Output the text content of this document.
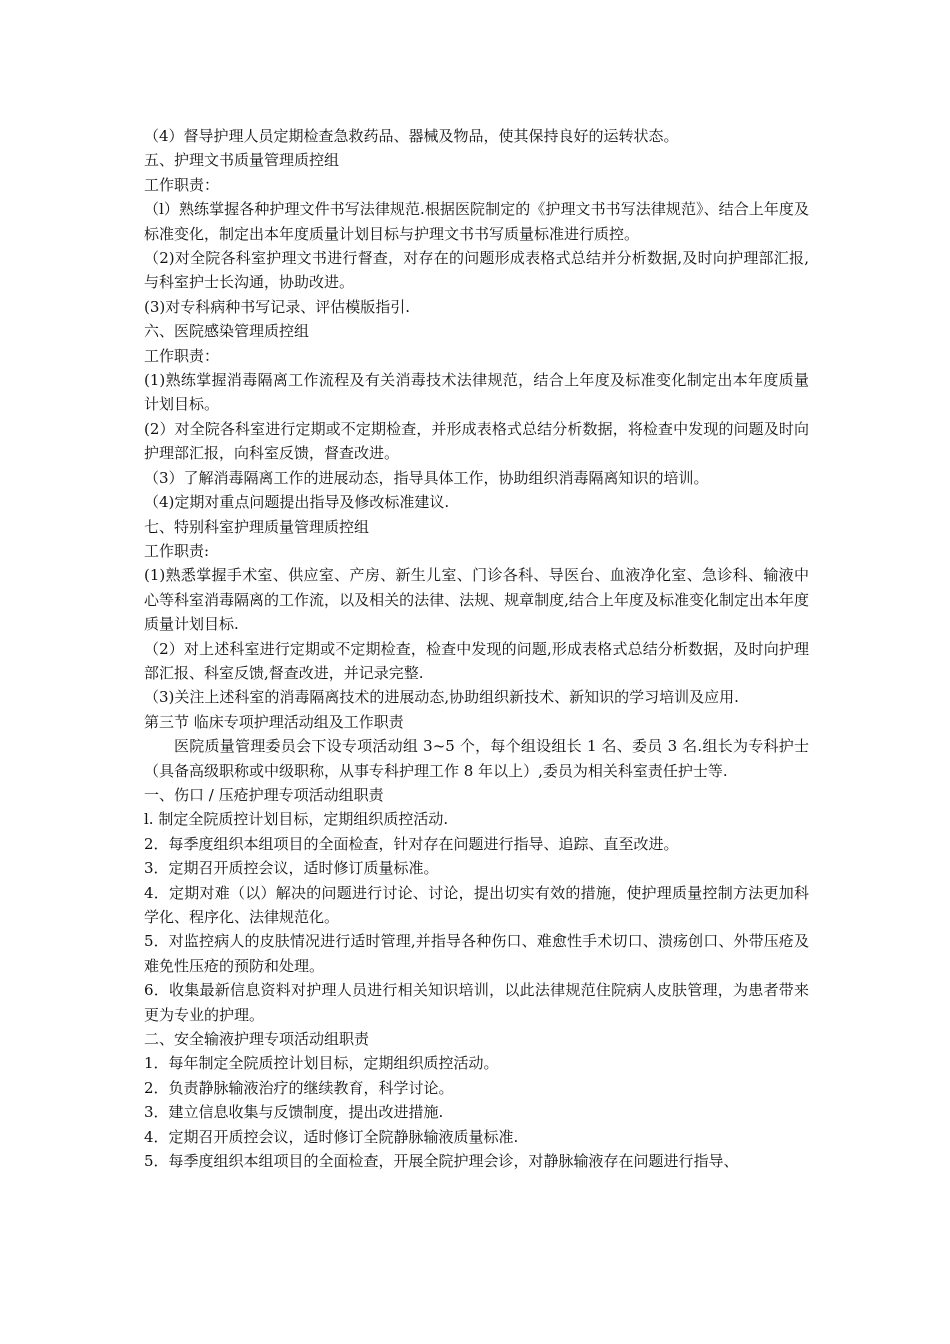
（4）督导护理人员定期检查急救药品、器械及物品，使其保持良好的运转状态。

五、护理文书质量管理质控组

工作职责：

（l）熟练掌握各种护理文件书写法律规范.根据医院制定的《护理文书书写法律规范》、结合上年度及标准变化，制定出本年度质量计划目标与护理文书书写质量标准进行质控。

（2)对全院各科室护理文书进行督查，对存在的问题形成表格式总结并分析数据,及时向护理部汇报,与科室护士长沟通，协助改进。

(3)对专科病种书写记录、评估模版指引.

六、医院感染管理质控组

工作职责：

(1)熟练掌握消毒隔离工作流程及有关消毒技术法律规范，结合上年度及标准变化制定出本年度质量计划目标。

(2）对全院各科室进行定期或不定期检查，并形成表格式总结分析数据，将检查中发现的问题及时向护理部汇报，向科室反馈，督查改进。

（3）了解消毒隔离工作的进展动态，指导具体工作，协助组织消毒隔离知识的培训。

（4)定期对重点问题提出指导及修改标准建议.

七、特别科室护理质量管理质控组

工作职责:

(1)熟悉掌握手术室、供应室、产房、新生儿室、门诊各科、导医台、血液净化室、急诊科、输液中心等科室消毒隔离的工作流，以及相关的法律、法规、规章制度,结合上年度及标准变化制定出本年度质量计划目标.

（2）对上述科室进行定期或不定期检查，检查中发现的问题,形成表格式总结分析数据，及时向护理部汇报、科室反馈,督查改进，并记录完整.

（3)关注上述科室的消毒隔离技术的进展动态,协助组织新技术、新知识的学习培训及应用.

第三节 临床专项护理活动组及工作职责

医院质量管理委员会下设专项活动组 3~5 个，每个组设组长 1 名、委员 3 名.组长为专科护士（具备高级职称或中级职称，从事专科护理工作 8 年以上）,委员为相关科室责任护士等.

一、伤口 / 压疮护理专项活动组职责

l. 制定全院质控计划目标，定期组织质控活动.

2．每季度组织本组项目的全面检查，针对存在问题进行指导、追踪、直至改进。

3．定期召开质控会议，适时修订质量标准。

4．定期对难（以）解决的问题进行讨论、讨论，提出切实有效的措施，使护理质量控制方法更加科学化、程序化、法律规范化。

5．对监控病人的皮肤情况进行适时管理,并指导各种伤口、难愈性手术切口、溃疡创口、外带压疮及难免性压疮的预防和处理。

6．收集最新信息资料对护理人员进行相关知识培训，以此法律规范住院病人皮肤管理，为患者带来更为专业的护理。

二、安全输液护理专项活动组职责

1．每年制定全院质控计划目标，定期组织质控活动。

2．负责静脉输液治疗的继续教育，科学讨论。

3．建立信息收集与反馈制度，提出改进措施.

4．定期召开质控会议，适时修订全院静脉输液质量标准.

5．每季度组织本组项目的全面检查，开展全院护理会诊，对静脉输液存在问题进行指导、
